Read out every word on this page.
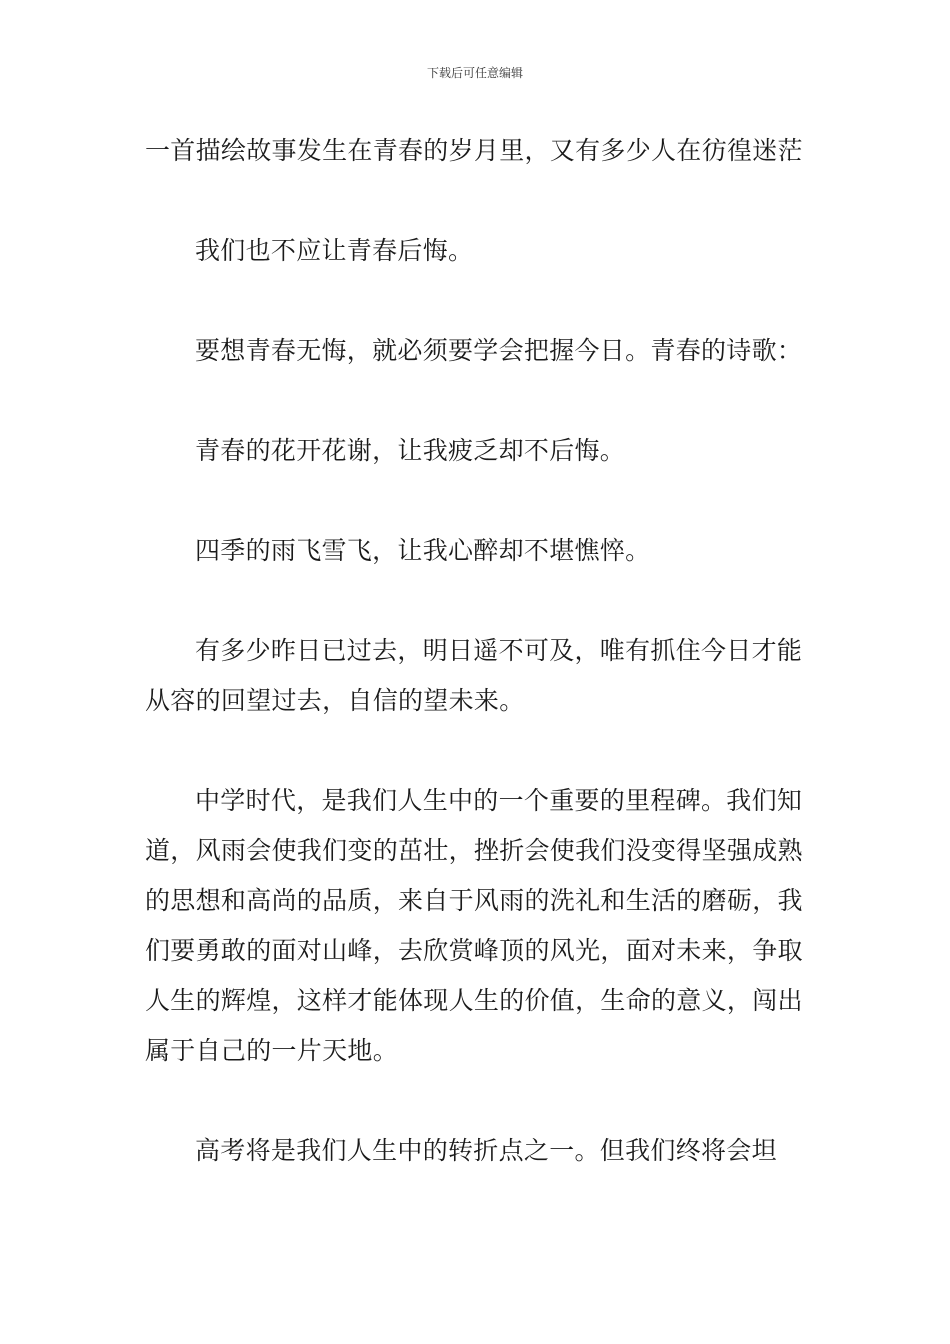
下载后可任意编辑

一首描绘故事发生在青春的岁月里，又有多少人在彷徨迷茫

我们也不应让青春后悔。

要想青春无悔，就必须要学会把握今日。青春的诗歌：

青春的花开花谢，让我疲乏却不后悔。

四季的雨飞雪飞，让我心醉却不堪憔悴。

有多少昨日已过去，明日遥不可及，唯有抓住今日才能从容的回望过去，自信的望未来。

中学时代，是我们人生中的一个重要的里程碑。我们知道，风雨会使我们变的茁壮，挫折会使我们没变得坚强成熟的思想和高尚的品质，来自于风雨的洗礼和生活的磨砺，我们要勇敢的面对山峰，去欣赏峰顶的风光，面对未来，争取人生的辉煌，这样才能体现人生的价值，生命的意义，闯出属于自己的一片天地。

高考将是我们人生中的转折点之一。但我们终将会坦
